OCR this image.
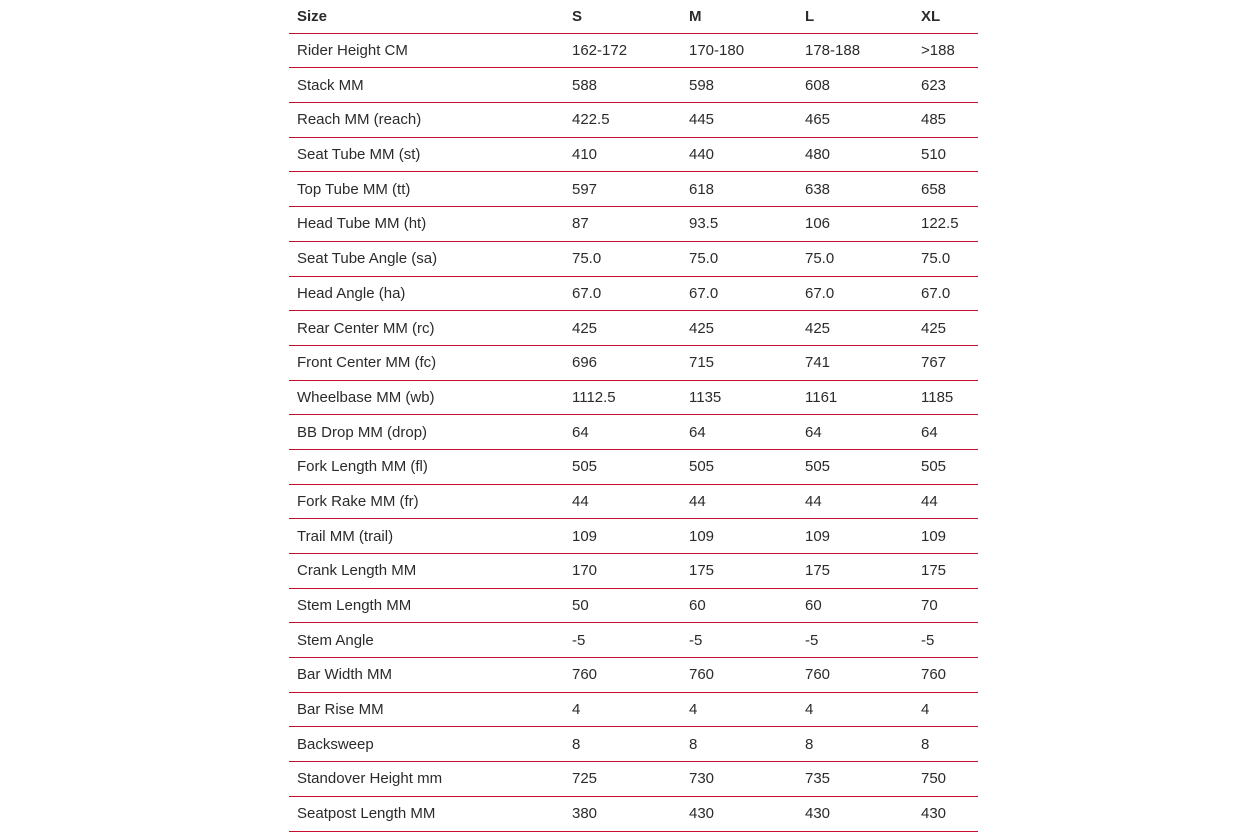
Size	S	M	L	XL
Rider Height CM	162-172	170-180	178-188	>188
Stack MM	588	598	608	623
Reach MM (reach)	422.5	445	465	485
Seat Tube MM (st)	410	440	480	510
Top Tube MM (tt)	597	618	638	658
Head Tube MM (ht)	87	93.5	106	122.5
Seat Tube Angle (sa)	75.0	75.0	75.0	75.0
Head Angle (ha)	67.0	67.0	67.0	67.0
Rear Center MM (rc)	425	425	425	425
Front Center MM (fc)	696	715	741	767
Wheelbase MM (wb)	1112.5	1135	1161	1185
BB Drop MM (drop)	64	64	64	64
Fork Length MM (fl)	505	505	505	505
Fork Rake MM (fr)	44	44	44	44
Trail MM (trail)	109	109	109	109
Crank Length MM	170	175	175	175
Stem Length MM	50	60	60	70
Stem Angle	-5	-5	-5	-5
Bar Width MM	760	760	760	760
Bar Rise MM	4	4	4	4
Backsweep	8	8	8	8
Standover Height mm	725	730	735	750
Seatpost Length MM	380	430	430	430
